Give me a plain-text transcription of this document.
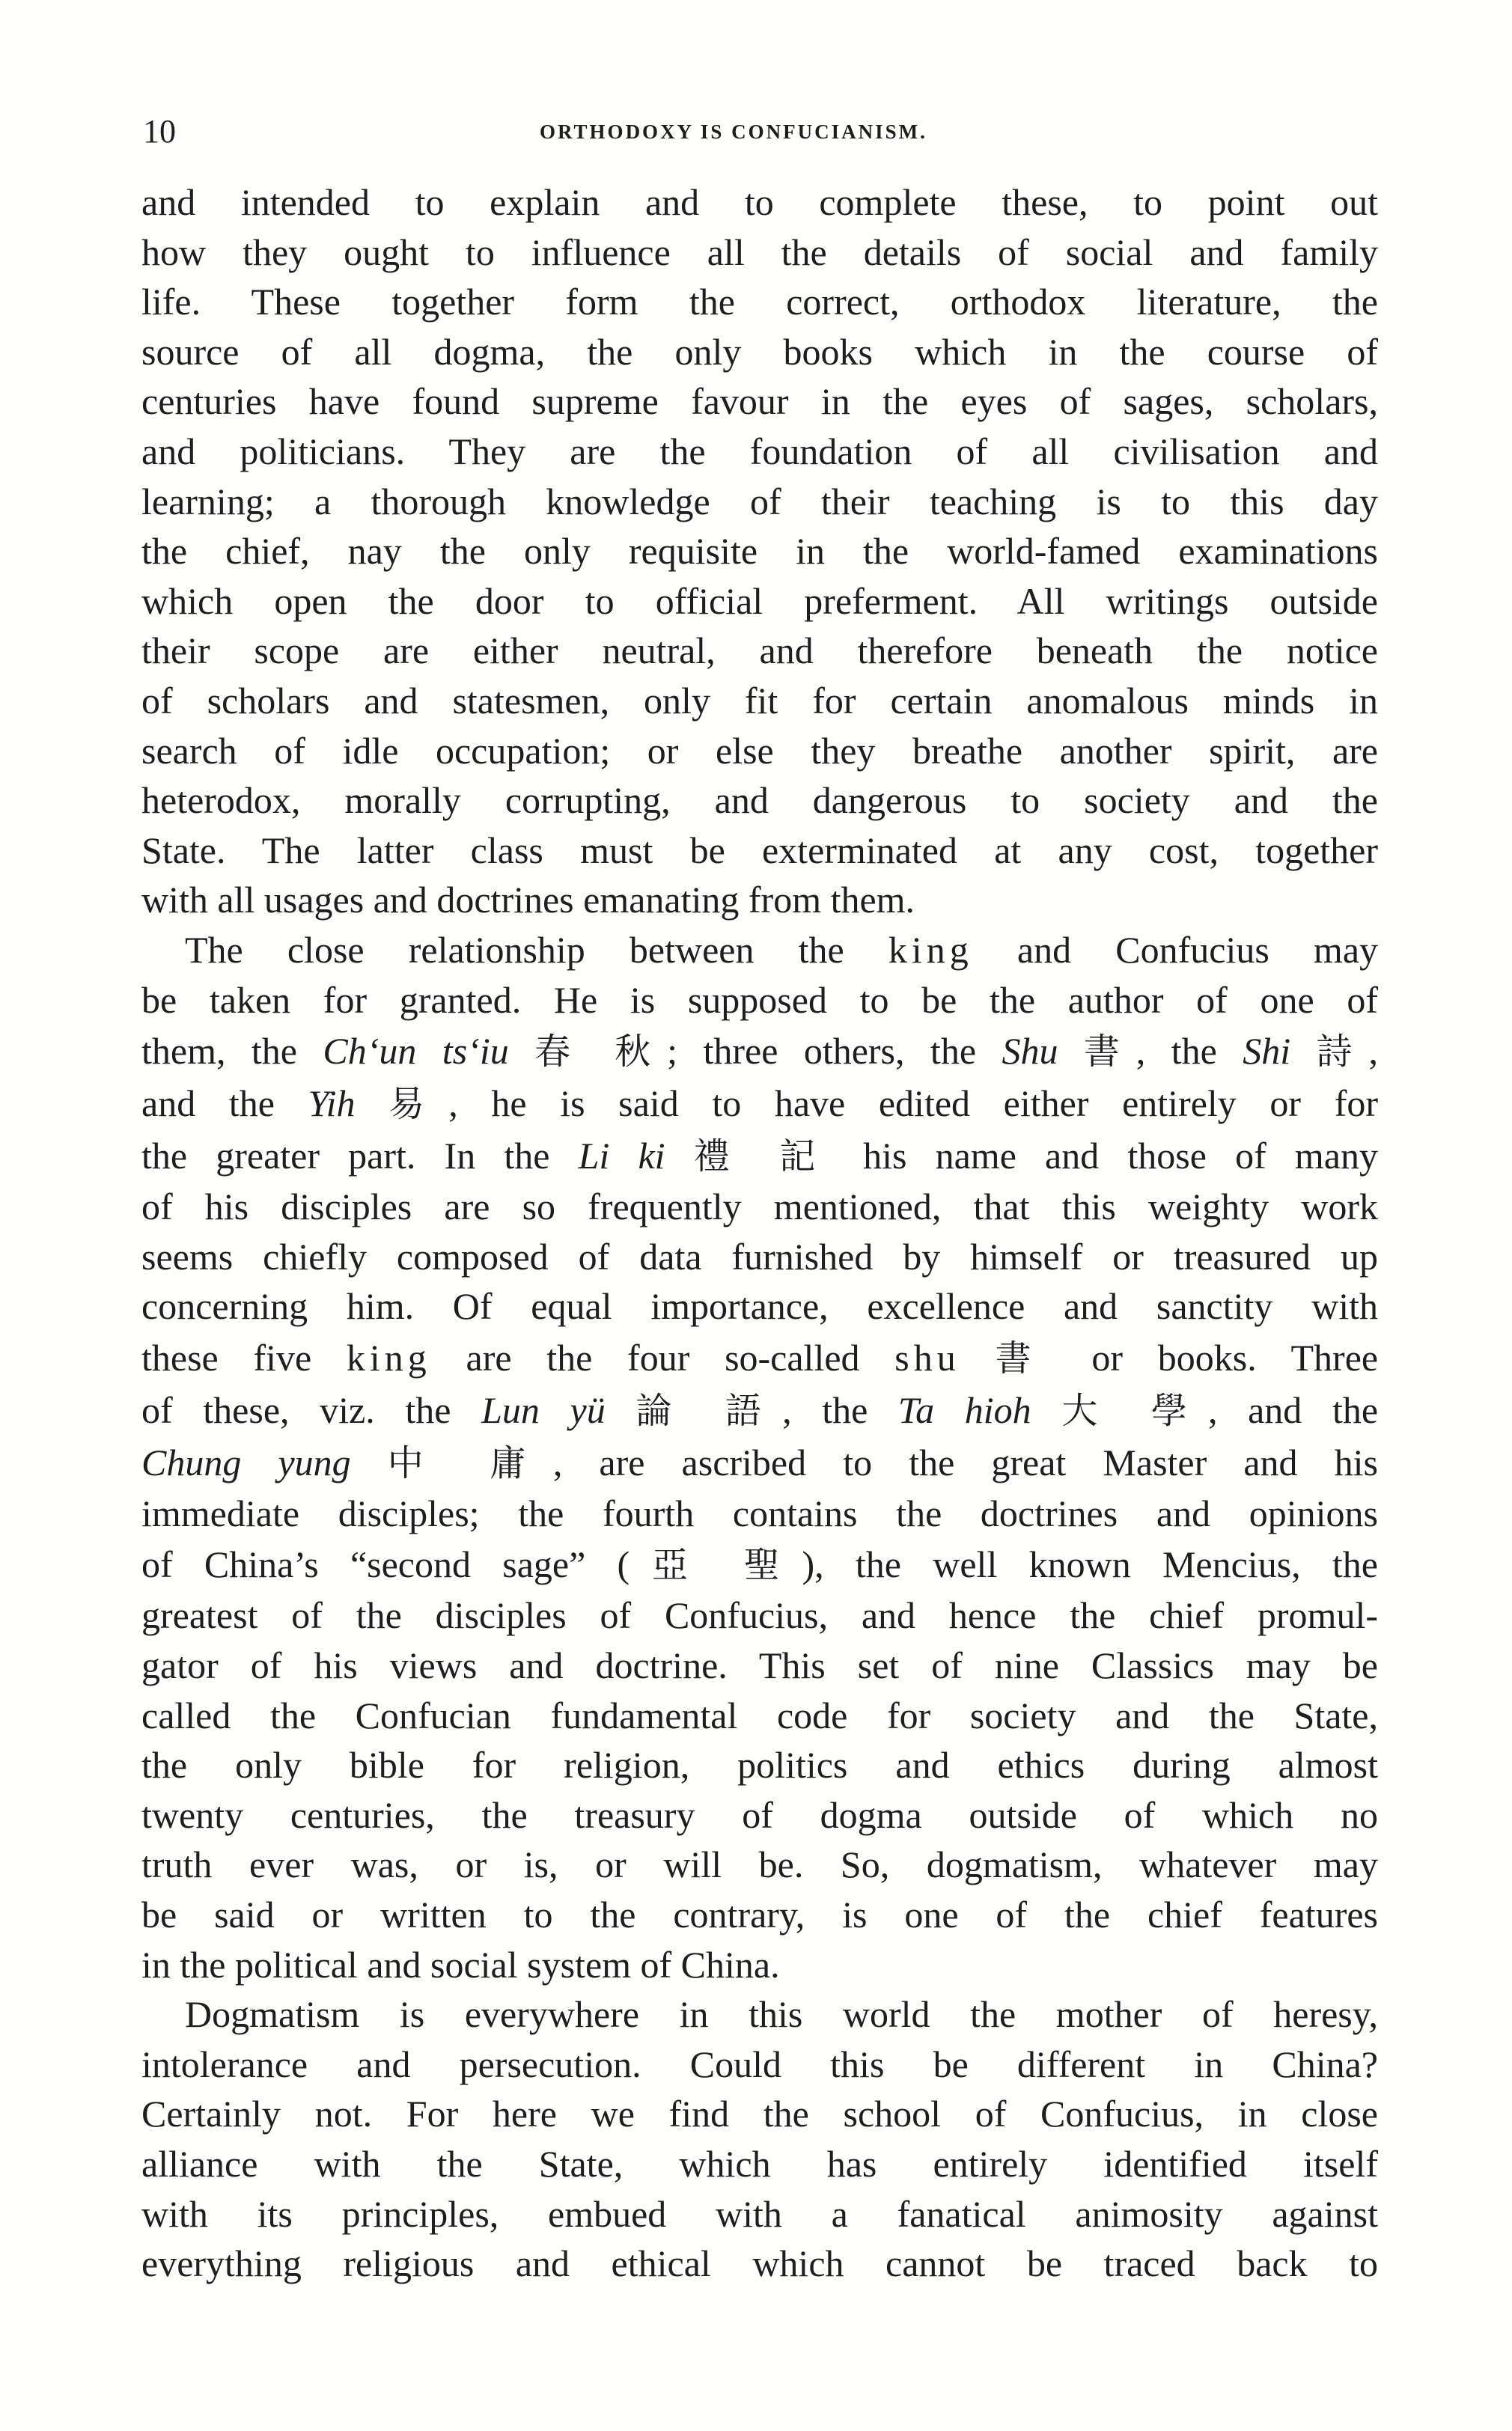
10	ORTHODOXY IS CONFUCIANISM.
and intended to explain and to complete these, to point out
how they ought to influence all the details of social and family
life. These together form the correct, orthodox literature, the
source of all dogma, the only books which in the course of
centuries have found supreme favour in the eyes of sages, scholars,
and politicians. They are the foundation of all civilisation and
learning; a thorough knowledge of their teaching is to this day
the chief, nay the only requisite in the world-famed examinations
which open the door to official preferment. All writings outside
their scope are either neutral, and therefore beneath the notice
of scholars and statesmen, only fit for certain anomalous minds in
search of idle occupation; or else they breathe another spirit, are
heterodox, morally corrupting, and dangerous to society and the
State. The latter class must be exterminated at any cost, together
with all usages and doctrines emanating from them.
The close relationship between the king and Confucius may
be taken for granted. He is supposed to be the author of one of
them, the Ch‘un ts‘iu 春 秋; three others, the Shu 書, the Shi 詩,
and the Yih 易, he is said to have edited either entirely or for
the greater part. In the Li ki 禮 記 his name and those of many
of his disciples are so frequently mentioned, that this weighty work
seems chiefly composed of data furnished by himself or treasured up
concerning him. Of equal importance, excellence and sanctity with
these five king are the four so-called shu 書 or books. Three
of these, viz. the Lun yü 論 語, the Ta hioh 大 學, and the
Chung yung 中 庸, are ascribed to the great Master and his
immediate disciples; the fourth contains the doctrines and opinions
of China’s “second sage” (亞 聖), the well known Mencius, the
greatest of the disciples of Confucius, and hence the chief promul-
gator of his views and doctrine. This set of nine Classics may be
called the Confucian fundamental code for society and the State,
the only bible for religion, politics and ethics during almost
twenty centuries, the treasury of dogma outside of which no
truth ever was, or is, or will be. So, dogmatism, whatever may
be said or written to the contrary, is one of the chief features
in the political and social system of China.
Dogmatism is everywhere in this world the mother of heresy,
intolerance and persecution. Could this be different in China?
Certainly not. For here we find the school of Confucius, in close
alliance with the State, which has entirely identified itself
with its principles, embued with a fanatical animosity against
everything religious and ethical which cannot be traced back to
